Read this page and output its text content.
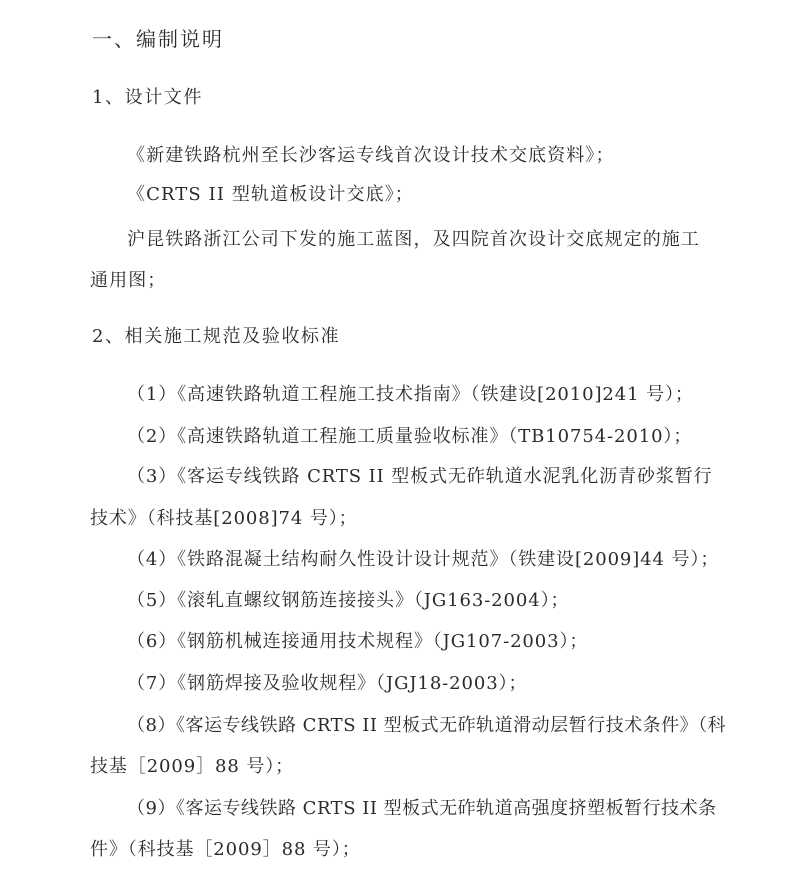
一、编制说明
1、设计文件
《新建铁路杭州至长沙客运专线首次设计技术交底资料》；
《CRTS II 型轨道板设计交底》；
沪昆铁路浙江公司下发的施工蓝图，及四院首次设计交底规定的施工
通用图；
2、相关施工规范及验收标准
（1）《高速铁路轨道工程施工技术指南》（铁建设[2010]241 号）；
（2）《高速铁路轨道工程施工质量验收标准》（TB10754-2010）；
（3）《客运专线铁路 CRTS II 型板式无砟轨道水泥乳化沥青砂浆暂行
技术》（科技基[2008]74 号）；
（4）《铁路混凝土结构耐久性设计设计规范》（铁建设[2009]44 号）；
（5）《滚轧直螺纹钢筋连接接头》（JG163-2004）；
（6）《钢筋机械连接通用技术规程》（JG107-2003）；
（7）《钢筋焊接及验收规程》（JGJ18-2003）；
（8）《客运专线铁路 CRTS II 型板式无砟轨道滑动层暂行技术条件》（科
技基［2009］88 号）；
（9）《客运专线铁路 CRTS II 型板式无砟轨道高强度挤塑板暂行技术条
件》（科技基［2009］88 号）；
